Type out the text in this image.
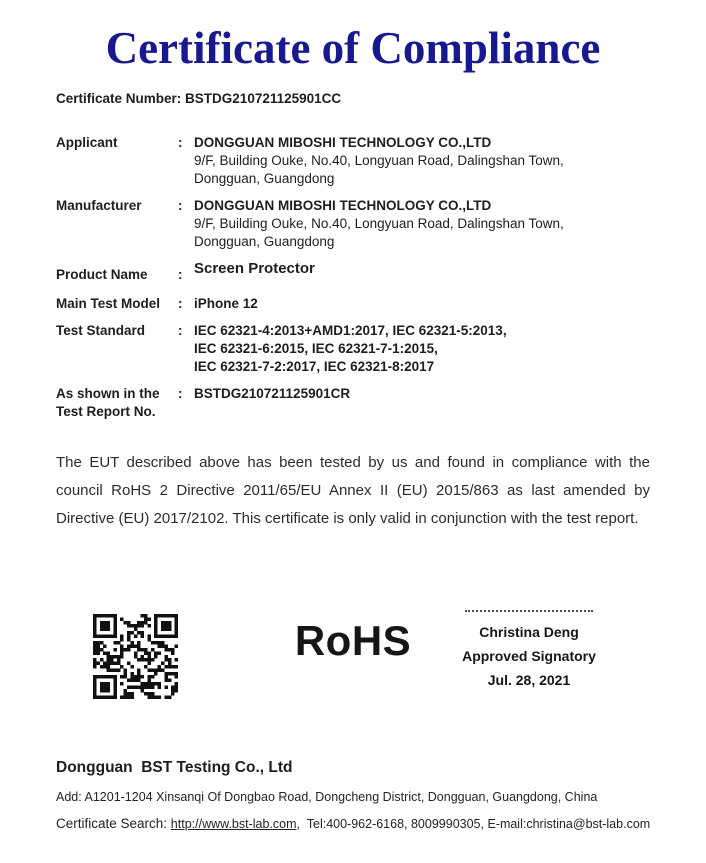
Certificate of Compliance
Certificate Number: BSTDG210721125901CC
Applicant	: DONGGUAN MIBOSHI TECHNOLOGY CO.,LTD
9/F, Building Ouke, No.40, Longyuan Road, Dalingshan Town,
Dongguan, Guangdong
Manufacturer	: DONGGUAN MIBOSHI TECHNOLOGY CO.,LTD
9/F, Building Ouke, No.40, Longyuan Road, Dalingshan Town,
Dongguan, Guangdong
Product Name	: Screen Protector
Main Test Model	: iPhone 12
Test Standard	: IEC 62321-4:2013+AMD1:2017, IEC 62321-5:2013,
IEC 62321-6:2015, IEC 62321-7-1:2015,
IEC 62321-7-2:2017, IEC 62321-8:2017
As shown in the
Test Report No.
: BSTDG210721125901CR

The EUT described above has been tested by us and found in compliance with the council RoHS 2 Directive 2011/65/EU Annex II (EU) 2015/863 as last amended by Directive (EU) 2017/2102. This certificate is only valid in conjunction with the test report.

RoHS	Christina Deng
Approved Signatory
Jul. 28, 2021
Dongguan  BST Testing Co., Ltd
Add: A1201-1204 Xinsanqi Of Dongbao Road, Dongcheng District, Dongguan, Guangdong, China
Certificate Search: http://www.bst-lab.com,  Tel:400-962-6168, 8009990305, E-mail:christina@bst-lab.com
